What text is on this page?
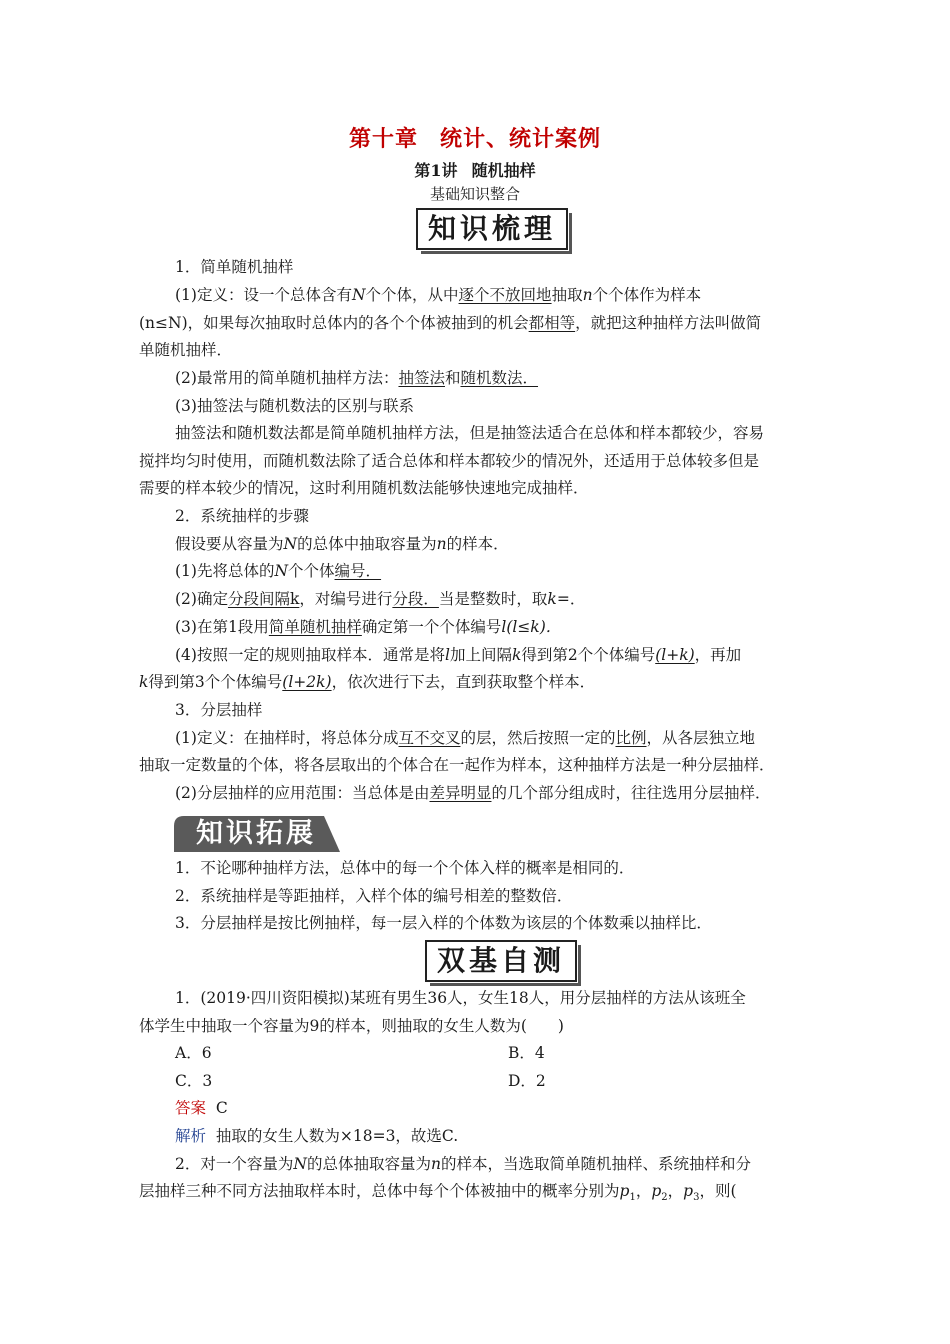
第十章 统计、统计案例
第1讲 随机抽样
基础知识整合
知识梳理
1．简单随机抽样
(1)定义：设一个总体含有N个个体，从中逐个不放回地抽取n个个体作为样本
(n≤N)，如果每次抽取时总体内的各个个体被抽到的机会都相等，就把这种抽样方法叫做简
单随机抽样．
(2)最常用的简单随机抽样方法：抽签法和随机数法．
(3)抽签法与随机数法的区别与联系
抽签法和随机数法都是简单随机抽样方法，但是抽签法适合在总体和样本都较少，容易
搅拌均匀时使用，而随机数法除了适合总体和样本都较少的情况外，还适用于总体较多但是
需要的样本较少的情况，这时利用随机数法能够快速地完成抽样．
2．系统抽样的步骤
假设要从容量为N的总体中抽取容量为n的样本．
(1)先将总体的N个个体编号．
(2)确定分段间隔k，对编号进行分段．当是整数时，取k=．
(3)在第1段用简单随机抽样确定第一个个体编号l(l≤k)．
(4)按照一定的规则抽取样本．通常是将l加上间隔k得到第2个个体编号(l+k)，再加
k得到第3个个体编号(l+2k)，依次进行下去，直到获取整个样本．
3．分层抽样
(1)定义：在抽样时，将总体分成互不交叉的层，然后按照一定的比例，从各层独立地
抽取一定数量的个体，将各层取出的个体合在一起作为样本，这种抽样方法是一种分层抽样．
(2)分层抽样的应用范围：当总体是由差异明显的几个部分组成时，往往选用分层抽样．
知识拓展
1．不论哪种抽样方法，总体中的每一个个体入样的概率是相同的．
2．系统抽样是等距抽样，入样个体的编号相差的整数倍．
3．分层抽样是按比例抽样，每一层入样的个体数为该层的个体数乘以抽样比．
双基自测
1．(2019·四川资阳模拟)某班有男生36人，女生18人，用分层抽样的方法从该班全
体学生中抽取一个容量为9的样本，则抽取的女生人数为(　　)
A．6	B．4
C．3	D．2
答案 C
解析 抽取的女生人数为×18=3，故选C.
2．对一个容量为N的总体抽取容量为n的样本，当选取简单随机抽样、系统抽样和分
层抽样三种不同方法抽取样本时，总体中每个个体被抽中的概率分别为$p_1$，$p_2$，$p_3$，则(
